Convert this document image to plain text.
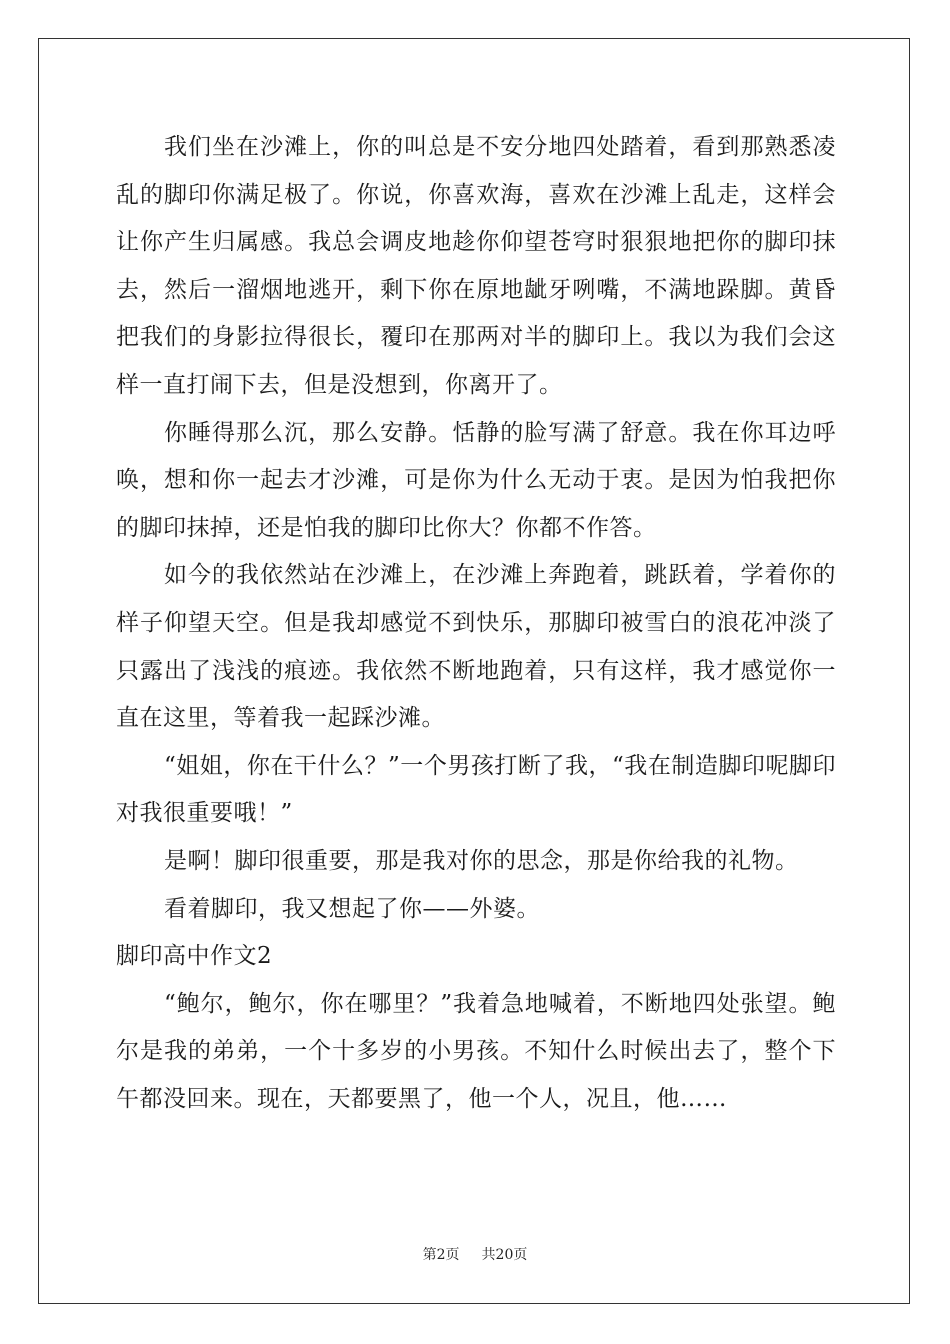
我们坐在沙滩上，你的叫总是不安分地四处踏着，看到那熟悉凌乱的脚印你满足极了。你说，你喜欢海，喜欢在沙滩上乱走，这样会让你产生归属感。我总会调皮地趁你仰望苍穹时狠狠地把你的脚印抹去，然后一溜烟地逃开，剩下你在原地龇牙咧嘴，不满地跺脚。黄昏把我们的身影拉得很长，覆印在那两对半的脚印上。我以为我们会这样一直打闹下去，但是没想到，你离开了。

你睡得那么沉，那么安静。恬静的脸写满了舒意。我在你耳边呼唤，想和你一起去才沙滩，可是你为什么无动于衷。是因为怕我把你的脚印抹掉，还是怕我的脚印比你大？你都不作答。

如今的我依然站在沙滩上，在沙滩上奔跑着，跳跃着，学着你的样子仰望天空。但是我却感觉不到快乐，那脚印被雪白的浪花冲淡了只露出了浅浅的痕迹。我依然不断地跑着，只有这样，我才感觉你一直在这里，等着我一起踩沙滩。

“姐姐，你在干什么？”一个男孩打断了我，“我在制造脚印呢脚印对我很重要哦！”

是啊！脚印很重要，那是我对你的思念，那是你给我的礼物。

看着脚印，我又想起了你——外婆。

脚印高中作文2

“鲍尔，鲍尔，你在哪里？”我着急地喊着，不断地四处张望。鲍尔是我的弟弟，一个十多岁的小男孩。不知什么时候出去了，整个下午都没回来。现在，天都要黑了，他一个人，况且，他……

第2页 共20页
